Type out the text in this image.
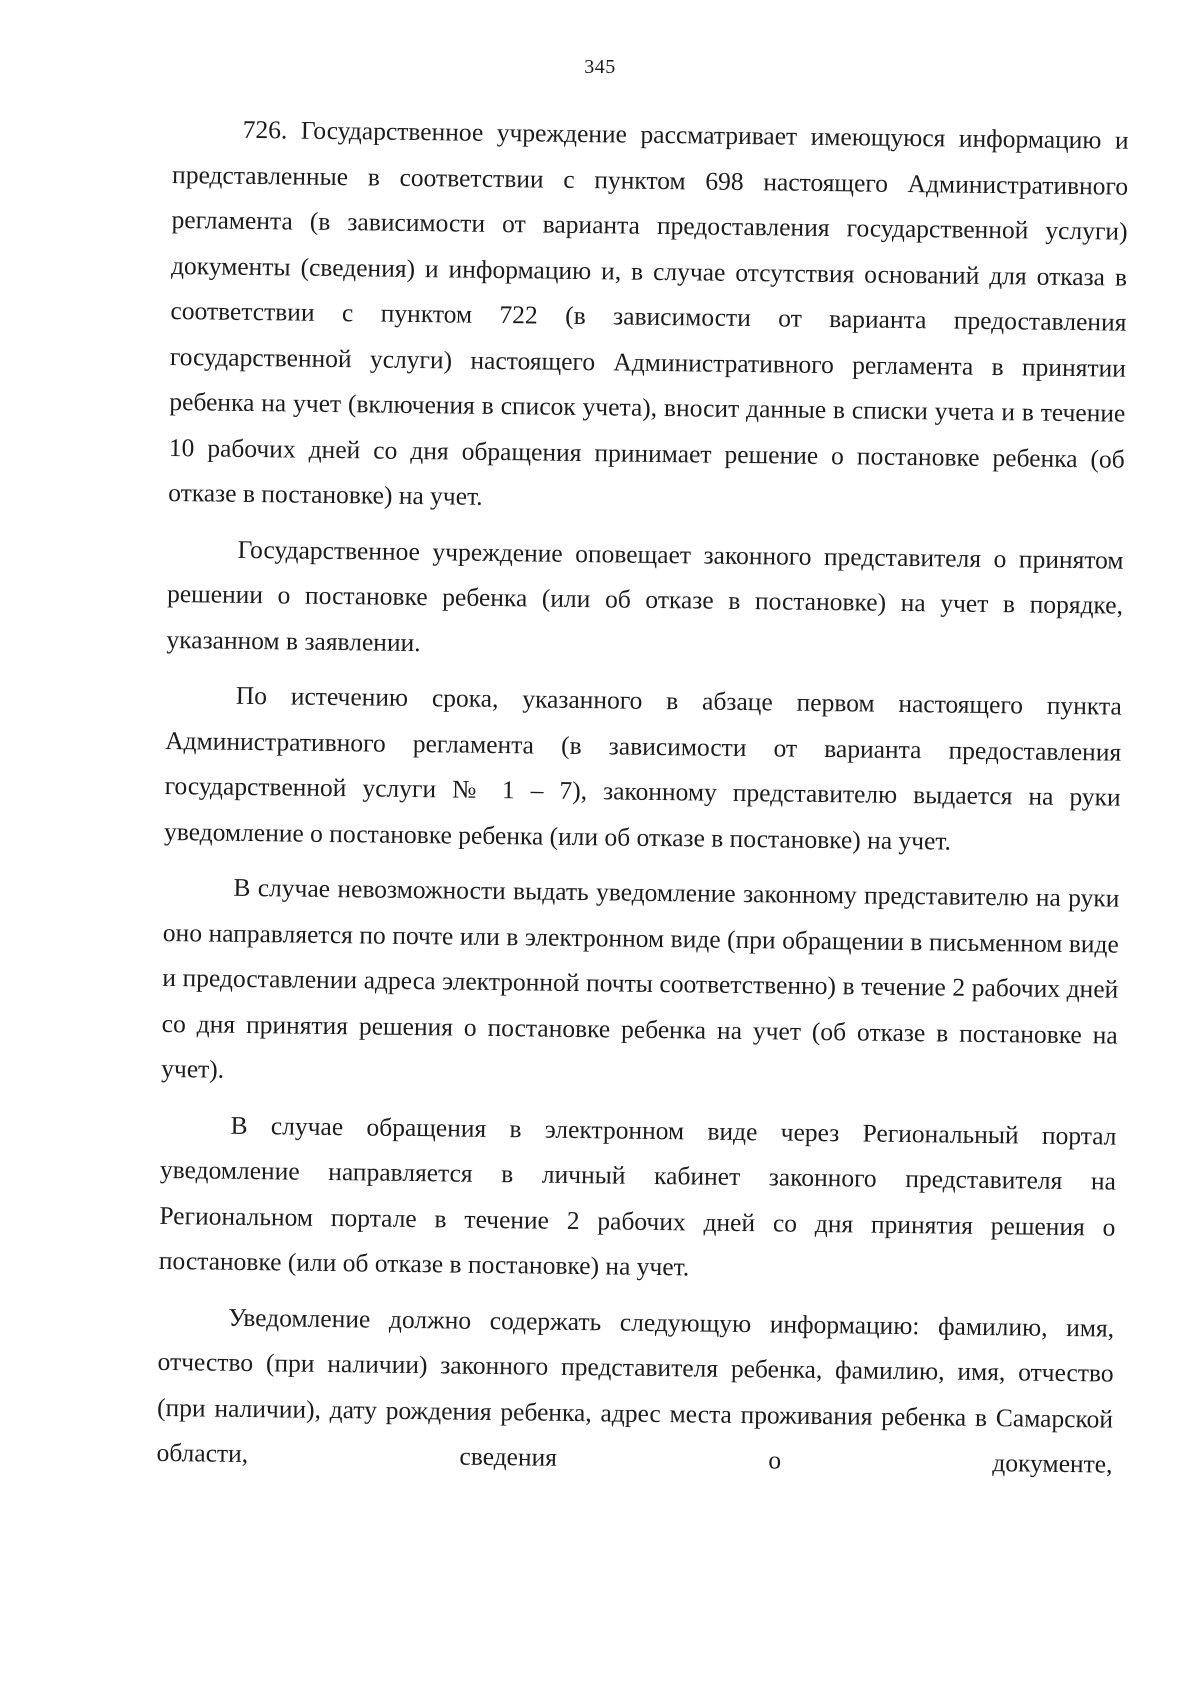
345

726. Государственное учреждение рассматривает имеющуюся информацию и представленные в соответствии с пунктом 698 настоящего Административного регламента (в зависимости от варианта предоставления государственной услуги) документы (сведения) и информацию и, в случае отсутствия оснований для отказа в соответствии с пунктом 722 (в зависимости от варианта предоставления государственной услуги) настоящего Административного регламента в принятии ребенка на учет (включения в список учета), вносит данные в списки учета и в течение 10 рабочих дней со дня обращения принимает решение о постановке ребенка (об отказе в постановке) на учет.

Государственное учреждение оповещает законного представителя о принятом решении о постановке ребенка (или об отказе в постановке) на учет в порядке, указанном в заявлении.

По истечению срока, указанного в абзаце первом настоящего пункта Административного регламента (в зависимости от варианта предоставления государственной услуги № 1 – 7), законному представителю выдается на руки уведомление о постановке ребенка (или об отказе в постановке) на учет.

В случае невозможности выдать уведомление законному представителю на руки оно направляется по почте или в электронном виде (при обращении в письменном виде и предоставлении адреса электронной почты соответственно) в течение 2 рабочих дней со дня принятия решения о постановке ребенка на учет (об отказе в постановке на учет).

В случае обращения в электронном виде через Региональный портал уведомление направляется в личный кабинет законного представителя на Региональном портале в течение 2 рабочих дней со дня принятия решения о постановке (или об отказе в постановке) на учет.

Уведомление должно содержать следующую информацию: фамилию, имя, отчество (при наличии) законного представителя ребенка, фамилию, имя, отчество (при наличии), дату рождения ребенка, адрес места проживания ребенка в Самарской области, сведения о документе,
